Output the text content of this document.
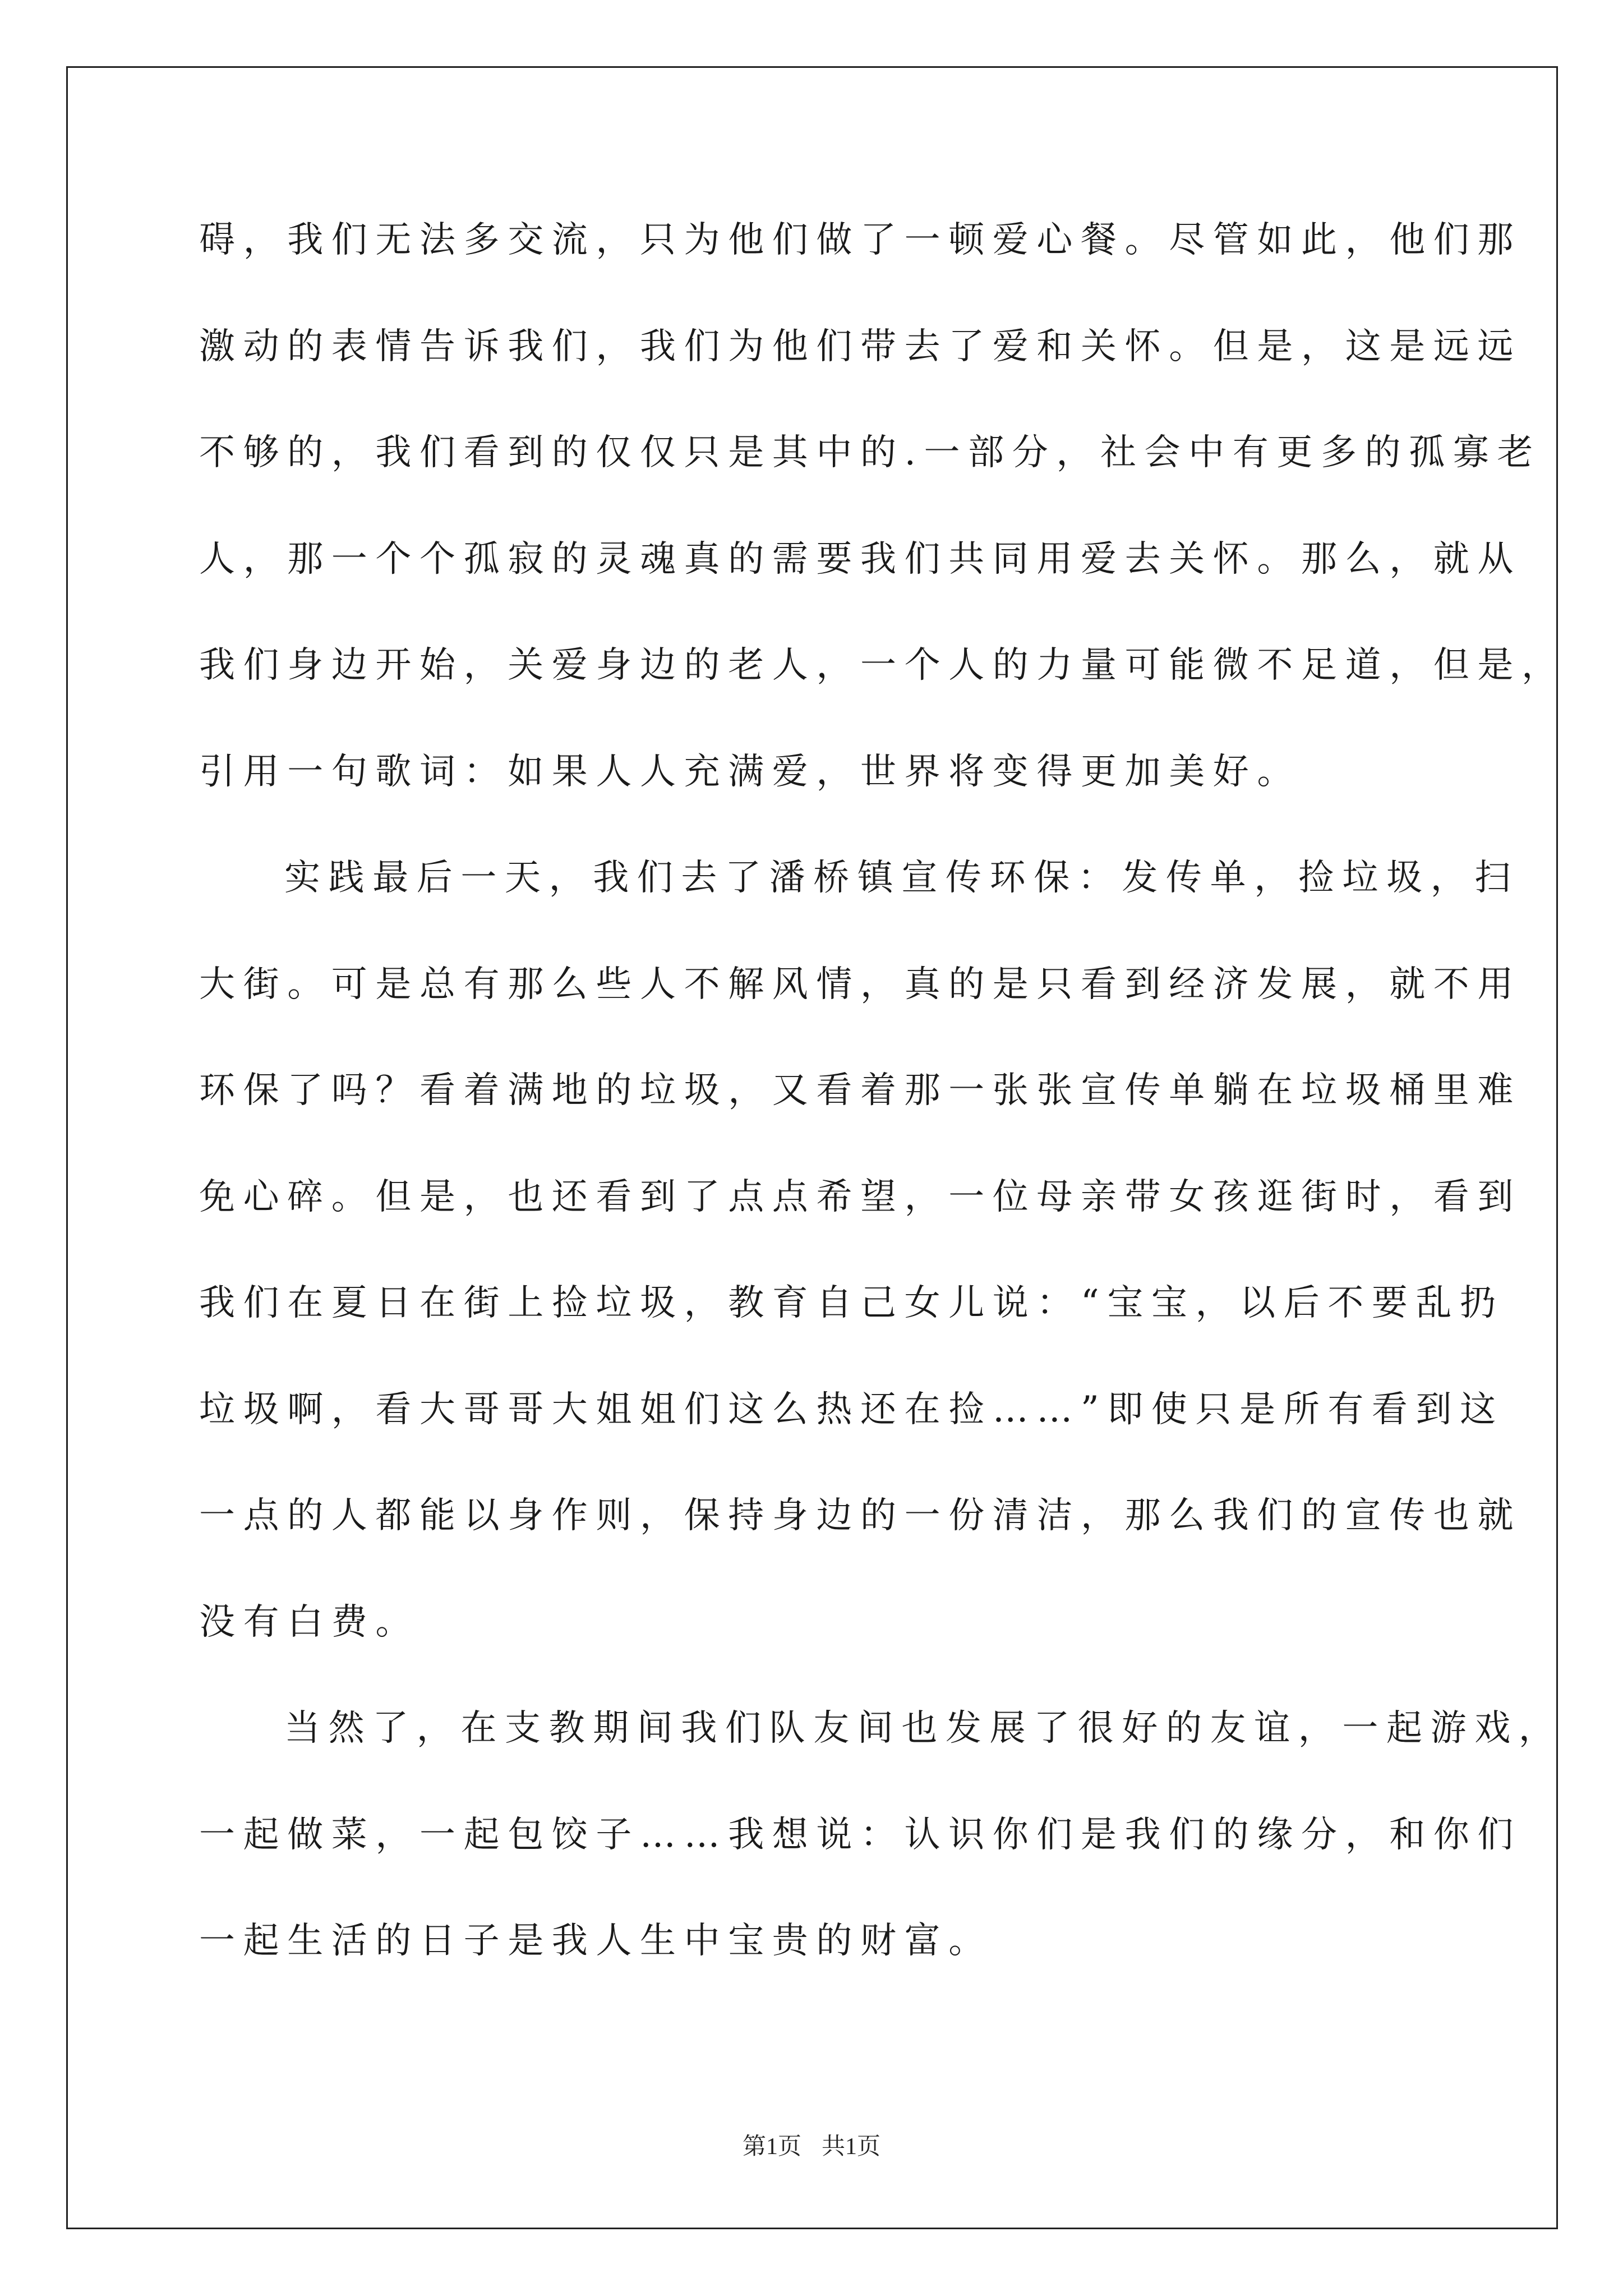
碍，我们无法多交流，只为他们做了一顿爱心餐。尽管如此，他们那
激动的表情告诉我们，我们为他们带去了爱和关怀。但是，这是远远
不够的，我们看到的仅仅只是其中的.一部分，社会中有更多的孤寡老
人，那一个个孤寂的灵魂真的需要我们共同用爱去关怀。那么，就从
我们身边开始，关爱身边的老人，一个人的力量可能微不足道，但是，
引用一句歌词：如果人人充满爱，世界将变得更加美好。
实践最后一天，我们去了潘桥镇宣传环保：发传单，捡垃圾，扫
大街。可是总有那么些人不解风情，真的是只看到经济发展，就不用
环保了吗？看着满地的垃圾，又看着那一张张宣传单躺在垃圾桶里难
免心碎。但是，也还看到了点点希望，一位母亲带女孩逛街时，看到
我们在夏日在街上捡垃圾，教育自己女儿说：“宝宝，以后不要乱扔
垃圾啊，看大哥哥大姐姐们这么热还在捡……”即使只是所有看到这
一点的人都能以身作则，保持身边的一份清洁，那么我们的宣传也就
没有白费。
当然了，在支教期间我们队友间也发展了很好的友谊，一起游戏，
一起做菜，一起包饺子……我想说：认识你们是我们的缘分，和你们
一起生活的日子是我人生中宝贵的财富。
第1页 共1页
